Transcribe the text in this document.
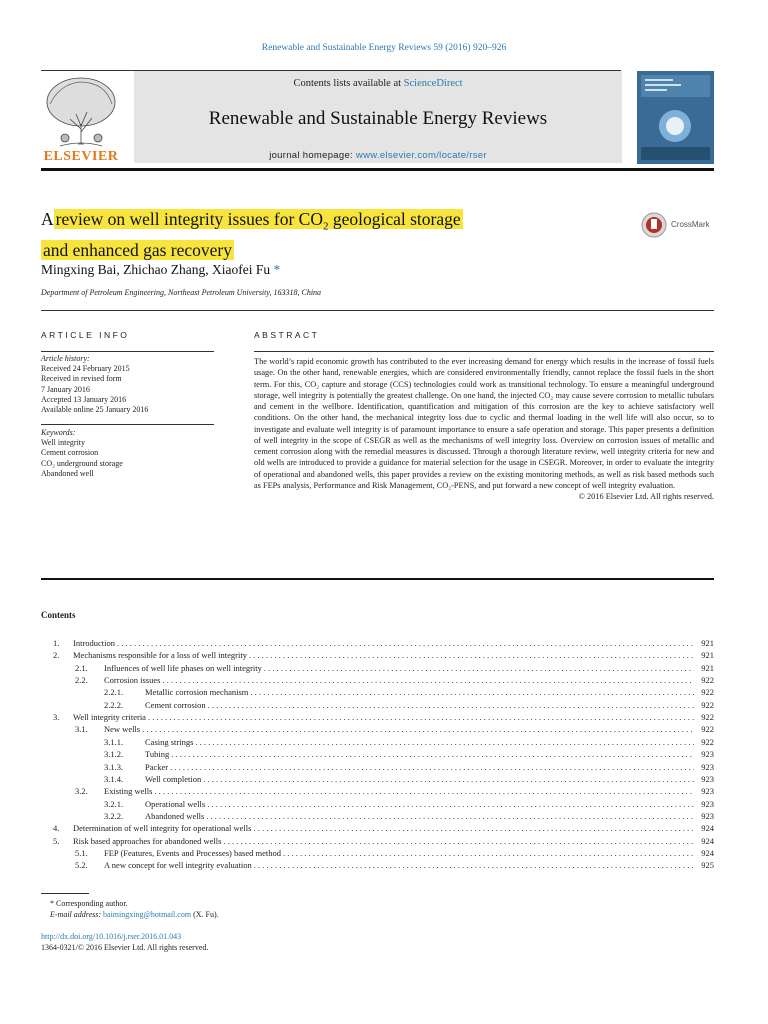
Renewable and Sustainable Energy Reviews 59 (2016) 920–926
ELSEVIER
Contents lists available at ScienceDirect
Renewable and Sustainable Energy Reviews
journal homepage: www.elsevier.com/locate/rser
A review on well integrity issues for $CO_2$ geological storage
and enhanced gas recovery
CrossMark
Mingxing Bai, Zhichao Zhang, Xiaofei Fu *
Department of Petroleum Engineering, Northeast Petroleum University, 163318, China
ARTICLE INFO	ABSTRACT
Article history:
Received 24 February 2015
Received in revised form
7 January 2016
Accepted 13 January 2016
Available online 25 January 2016
Keywords:
Well integrity
Cement corrosion
CO₂ underground storage
Abandoned well
The world’s rapid economic growth has contributed to the ever increasing demand for energy which results in the increase of fossil fuels usage. On the other hand, renewable energies, which are considered environmentally friendly, cannot replace the fossil fuels in the short term. For this, CO₂ capture and storage (CCS) technologies could work as transitional technology. To ensure a meaningful underground storage, well integrity is potentially the greatest challenge. On one hand, the injected CO₂ may cause severe corrosion to metallic tubulars and cement in the wellbore. Identification, quantification and mitigation of this corrosion are the key to achieve satisfactory well conditions. On the other hand, the mechanical integrity loss due to cyclic and thermal loading in the well life will also occur, so to investigate and evaluate well integrity is of paramount importance to ensure a safe operation and storage. This paper presents a definition of well integrity in the scope of CSEGR as well as the mechanisms of well integrity loss. Overview on corrosion issues of metallic and cement corrosion along with the remedial measures is discussed. Through a thorough literature review, well integrity criteria for new and old wells are introduced to provide a guidance for material selection for the usage in CSEGR. Moreover, in order to evaluate the integrity of operational and abandoned wells, this paper provides a review on the existing monitoring methods, as well as risk based methods such as FEPs analysis, Performance and Risk Management, CO₂-PENS, and put forward a new concept of well integrity evaluation.
© 2016 Elsevier Ltd. All rights reserved.
Contents
1. Introduction . . .	921
2. Mechanisms responsible for a loss of well integrity . . .	921
2.1. Influences of well life phases on well integrity . . .	921
2.2. Corrosion issues . . .	922
2.2.1.	Metallic corrosion mechanism . . .	922
2.2.2.	Cement corrosion . . .	922
3. Well integrity criteria . . .	922
3.1. New wells . . .	922
3.1.1.	Casing strings . . .	922
3.1.2.	Tubing . . .	923
3.1.3.	Packer . . .	923
3.1.4.	Well completion . . .	923
3.2. Existing wells . . .	923
3.2.1.	Operational wells . . .	923
3.2.2.	Abandoned wells . . .	923
4. Determination of well integrity for operational wells . . .	924
5. Risk based approaches for abandoned wells . . .	924
5.1. FEP (Features, Events and Processes) based method . . .	924
5.2. A new concept for well integrity evaluation . . .	925
* Corresponding author.
E-mail address: baimingxing@hotmail.com (X. Fu).
http://dx.doi.org/10.1016/j.rser.2016.01.043
1364-0321/© 2016 Elsevier Ltd. All rights reserved.
